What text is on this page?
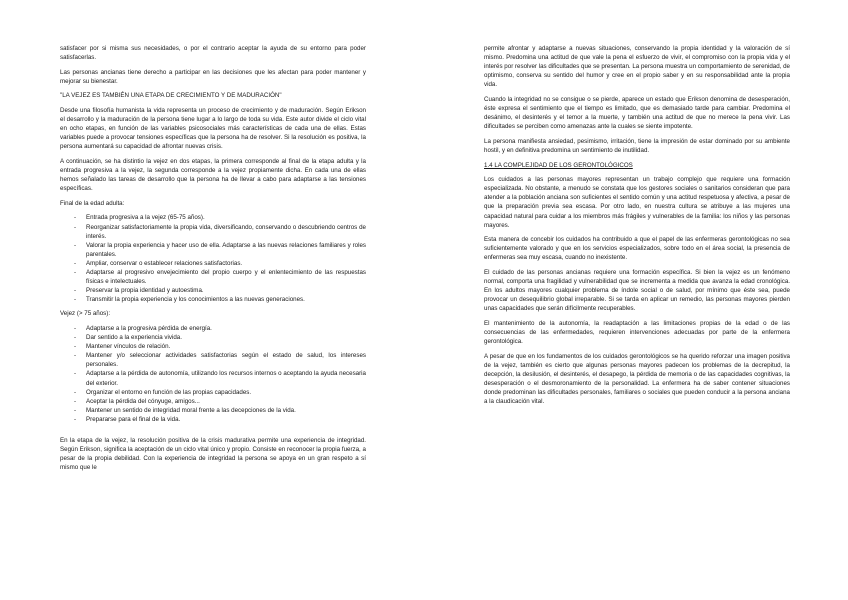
satisfacer por si misma sus necesidades, o por el contrario aceptar la ayuda de su entorno para poder satisfacerlas.

Las personas ancianas tiene derecho a participar en las decisiones que les afectan para poder mantener y mejorar su bienestar.

"LA VEJEZ ES TAMBIÉN UNA ETAPA DE CRECIMIENTO Y DE MADURACIÓN"

Desde una filosofía humanista la vida representa un proceso de crecimiento y de maduración. Según Erikson el desarrollo y la maduración de la persona tiene lugar a lo largo de toda su vida. Este autor divide el ciclo vital en ocho etapas, en función de las variables psicosociales más características de cada una de ellas. Estas variables puede a provocar tensiones específicas que la persona ha de resolver. Si la resolución es positiva, la persona aumentará su capacidad de afrontar nuevas crisis.

A continuación, se ha distintio la vejez en dos etapas, la primera corresponde al final de la etapa adulta y la entrada progresiva a la vejez, la segunda corresponde a la vejez propiamente dicha. En cada una de ellas hemos señalado las tareas de desarrollo que la persona ha de llevar a cabo para adaptarse a las tensiones específicas.

Final de la edad adulta:

- Entrada progresiva a la vejez (65-75 años).
- Reorganizar satisfactoriamente la propia vida, diversificando, conservando o descubriendo centros de interés.
- Valorar la propia experiencia y hacer uso de ella. Adaptarse a las nuevas relaciones familiares y roles parentales.
- Ampliar, conservar o establecer relaciones satisfactorias.
- Adaptarse al progresivo envejecimiento del propio cuerpo y el enlentecimiento de las respuestas físicas e intelectuales.
- Preservar la propia identidad y autoestima.
- Transmitir la propia experiencia y los conocimientos a las nuevas generaciones.

Vejez (> 75 años):

- Adaptarse a la progresiva pérdida de energía.
- Dar sentido a la experiencia vivida.
- Mantener vínculos de relación.
- Mantener y/o seleccionar actividades satisfactorias según el estado de salud, los intereses personales.
- Adaptarse a la pérdida de autonomía, utilizando los recursos internos o aceptando la ayuda necesaria del exterior.
- Organizar el entorno en función de las propias capacidades.
- Aceptar la pérdida del cónyuge, amigos...
- Mantener un sentido de integridad moral frente a las decepciones de la vida.
- Prepararse para el final de la vida.

En la etapa de la vejez, la resolución positiva de la crisis madurativa permite una experiencia de integridad. Según Erikson, significa la aceptación de un ciclo vital único y propio. Consiste en reconocer la propia fuerza, a pesar de la propia debilidad. Con la experiencia de integridad la persona se apoya en un gran respeto a sí mismo que le

permite afrontar y adaptarse a nuevas situaciones, conservando la propia identidad y la valoración de sí mismo. Predomina una actitud de que vale la pena el esfuerzo de vivir, el compromiso con la propia vida y el interés por resolver las dificultades que se presentan. La persona muestra un comportamiento de serenidad, de optimismo, conserva su sentido del humor y cree en el propio saber y en su responsabilidad ante la propia vida.

Cuando la integridad no se consigue o se pierde, aparece un estado que Erikson denomina de desesperación, éste expresa el sentimiento que el tiempo es limitado, que es demasiado tarde para cambiar. Predomina el desánimo, el desinterés y el temor a la muerte, y también una actitud de que no merece la pena vivir. Las dificultades se perciben como amenazas ante la cuales se siente impotente.

La persona manifiesta ansiedad, pesimismo, irritación, tiene la impresión de estar dominado por su ambiente hostil, y en definitiva predomina un sentimiento de inutilidad.

1.4 LA COMPLEJIDAD DE LOS GERONTOLÓGICOS

Los cuidados a las personas mayores representan un trabajo complejo que requiere una formación especializada. No obstante, a menudo se constata que los gestores sociales o sanitarios consideran que para atender a la población anciana son suficientes el sentido común y una actitud respetuosa y afectiva, a pesar de que la preparación previa sea escasa. Por otro lado, en nuestra cultura se atribuye a las mujeres una capacidad natural para cuidar a los miembros más frágiles y vulnerables de la familia: los niños y las personas mayores.

Esta manera de concebir los cuidados ha contribuido a que el papel de las enfermeras gerontológicas no sea suficientemente valorado y que en los servicios especializados, sobre todo en el área social, la presencia de enfermeras sea muy escasa, cuando no inexistente.

El cuidado de las personas ancianas requiere una formación específica. Si bien la vejez es un fenómeno normal, comporta una fragilidad y vulnerabilidad que se incrementa a medida que avanza la edad cronológica. En los adultos mayores cualquier problema de índole social o de salud, por mínimo que éste sea, puede provocar un desequilibrio global irreparable. Si se tarda en aplicar un remedio, las personas mayores pierden unas capacidades que serán difícilmente recuperables.

El mantenimiento de la autonomía, la readaptación a las limitaciones propias de la edad o de las consecuencias de las enfermedades, requieren intervenciones adecuadas por parte de la enfermera gerontológica.

A pesar de que en los fundamentos de los cuidados gerontológicos se ha querido reforzar una imagen positiva de la vejez, también es cierto que algunas personas mayores padecen los problemas de la decrepitud, la decepción, la desilusión, el desinterés, el desapego, la pérdida de memoria o de las capacidades cognitivas, la desesperación o el desmoronamiento de la personalidad. La enfermera ha de saber contener situaciones donde predominan las dificultades personales, familiares o sociales que pueden conducir a la persona anciana a la claudicación vital.
